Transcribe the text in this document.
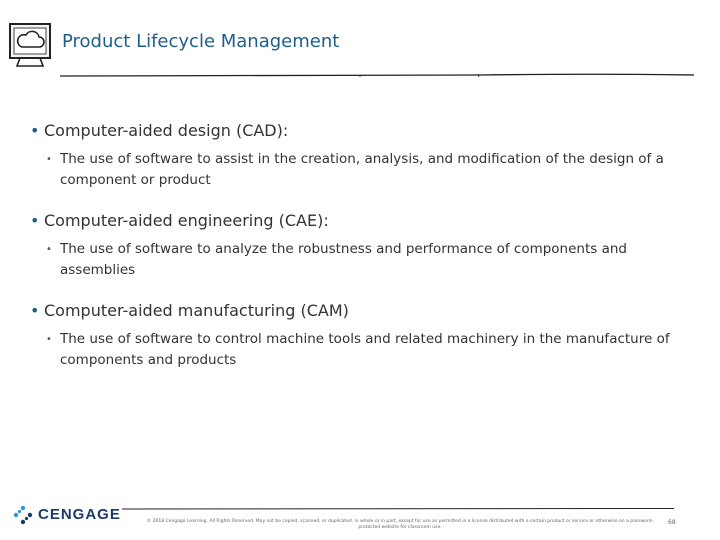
Product Lifecycle Management
• Computer-aided design (CAD):
• The use of software to assist in the creation, analysis, and modification of the design of a component or product
• Computer-aided engineering (CAE):
• The use of software to analyze the robustness and performance of components and assemblies
• Computer-aided manufacturing (CAM)
• The use of software to control machine tools and related machinery in the manufacture of components and products
CENGAGE	© 2018 Cengage Learning. All Rights Reserved. May not be copied, scanned, or duplicated, in whole or in part, except for use as permitted in a license distributed with a certain product or service or otherwise on a password-protected website for classroom use.
68
